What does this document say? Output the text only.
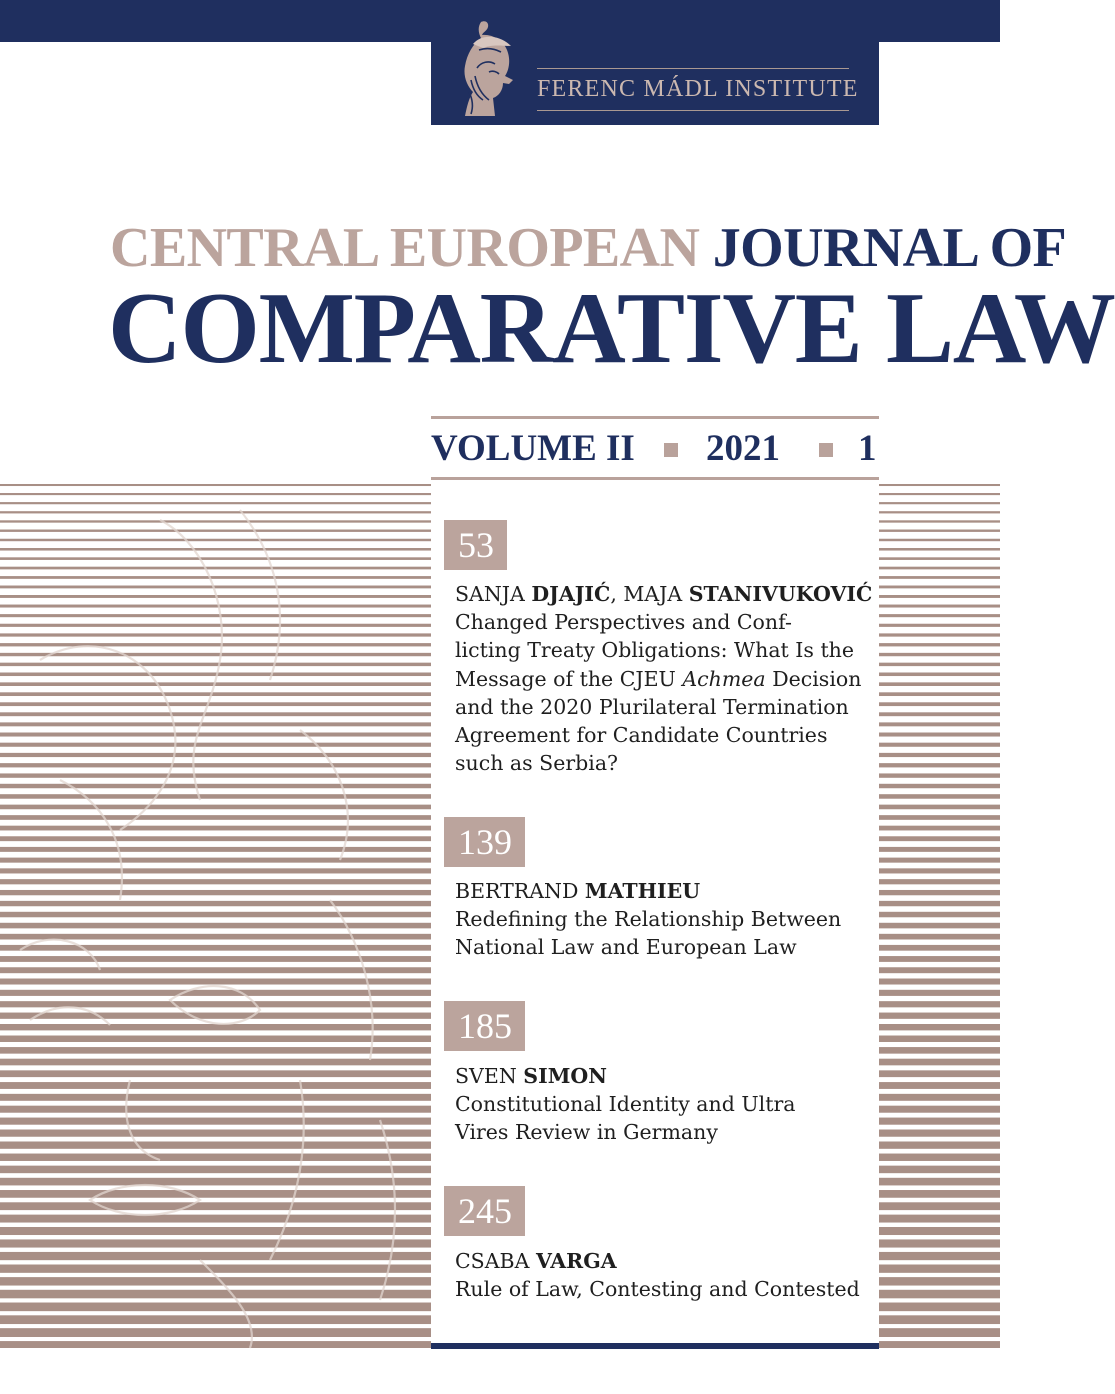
FERENC MÁDL INSTITUTE
CENTRAL EUROPEAN JOURNAL OF
COMPARATIVE LAW
VOLUME II 2021 1
53
SANJA DJAJIĆ, MAJA STANIVUKOVIĆ
Changed Perspectives and Conf-
licting Treaty Obligations: What Is the
Message of the CJEU Achmea Decision
and the 2020 Plurilateral Termination
Agreement for Candidate Countries
such as Serbia?
139
BERTRAND MATHIEU
Redefining the Relationship Between
National Law and European Law
185
SVEN SIMON
Constitutional Identity and Ultra
Vires Review in Germany
245
CSABA VARGA
Rule of Law, Contesting and Contested
